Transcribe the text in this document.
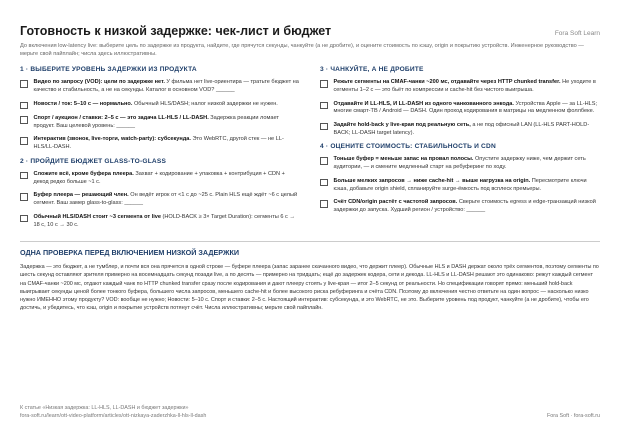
Готовность к низкой задержке: чек-лист и бюджет	Fora Soft Learn
До включения low-latency live: выберите цель по задержке из продукта, найдите, где прячутся секунды, чанкуйте (а не дробите), и оцените стоимость по кэшу, origin и покрытию устройств. Инженерное руководство — мерьте свой пайплайн; числа здесь иллюстративны.
1 · ВЫБЕРИТЕ УРОВЕНЬ ЗАДЕРЖКИ ИЗ ПРОДУКТА
Видео по запросу (VOD): цели по задержке нет. У фильма нет live-ориентира — тратьте бюджет на качество и стабильность, а не на секунды. Каталог в основном VOD? ______
Новости / ток: 5–10 с — нормально. Обычный HLS/DASH; налог низкой задержки не нужен.
Спорт / аукцион / ставки: 2–5 с — это задача LL-HLS / LL-DASH. Задержка реакции ломает продукт. Ваш целевой уровень: ______
Интерактив (звонок, live-торги, watch-party): субсекунда. Это WebRTC, другой стек — не LL-HLS/LL-DASH.
2 · ПРОЙДИТЕ БЮДЖЕТ GLASS-TO-GLASS
Сложите всё, кроме буфера плеера. Захват + кодирование + упаковка + контрибуция + CDN + декод редко больше ~1 с.
Буфер плеера — решающий член. Он ведёт игрок от <1 с до ~25 с. Plain HLS ещё ждёт ~6 с целый сегмент. Ваш замер glass-to-glass: ______
Обычный HLS/DASH стоит ~3 сегмента от live (HOLD-BACK ≥ 3× Target Duration): сегменты 6 с → 18 с, 10 с → 30 с.
3 · ЧАНКУЙТЕ, А НЕ ДРОБИТЕ
Режьте сегменты на CMAF-чанки ~200 мс, отдавайте через HTTP chunked transfer. Не уходите в сегменты 1–2 с — это бьёт по компрессии и cache-hit без чистого выигрыша.
Отдавайте И LL-HLS, И LL-DASH из одного чанкованного энкода. Устройства Apple — за LL-HLS; многие смарт-ТВ / Android — DASH. Один проход кодирования в матрицы на медленном фоллбеке.
Задайте hold-back у live-края под реальную сеть, а не под офисный LAN (LL-HLS PART-HOLD-BACK; LL-DASH target latency).
4 · ОЦЕНИТЕ СТОИМОСТЬ: СТАБИЛЬНОСТЬ И CDN
Тоньше буфер = меньше запас на провал полосы. Опустите задержку ниже, чем держит сеть аудитории, — и смените медленный старт на ребуферинг по ходу.
Больше мелких запросов → ниже cache-hit → выше нагрузка на origin. Пересмотрите ключи кэша, добавьте origin shield, спланируйте surge-ёмкость под всплеск премьеры.
Счёт CDN/origin растёт с частотой запросов. Сверьте стоимость egress и edge-транзакций низкой задержки до запуска. Худший регион / устройство: ______
ОДНА ПРОВЕРКА ПЕРЕД ВКЛЮЧЕНИЕМ НИЗКОЙ ЗАДЕРЖКИ
Задержка — это бюджет, а не тумблер, и почти вся она прячется в одной строке — буфере плеера (запас заранее скачанного видео, что держит плеер). Обычные HLS и DASH держат около трёх сегментов, поэтому сегменты по шесть секунд оставляют зрителя примерно на восемнадцать секунд позади live, а по десять — примерно на тридцать; ещё до задержек кодера, сети и декода. LL-HLS и LL-DASH решают это одинаково: режут каждый сегмент на CMAF-чанки ~200 мс, отдают каждый чанк по HTTP chunked transfer сразу после кодирования и дают плееру стоять у live-края — итог 2–5 секунд от реальности. Но спецификации говорят прямо: меньший hold-back выигрывает секунды ценой более тонкого буфера, большего числа запросов, меньшего cache-hit и более высокого риска ребуферинга и счёта CDN. Поэтому до включения честно ответьте на один вопрос — насколько низко нужно ИМЕННО этому продукту? VOD: вообще не нужно; Новости: 5–10 с. Спорт и ставки: 2–5 с. Настоящий интерактив: субсекунда, и это WebRTC, не это. Выберите уровень под продукт, чанкуйте (а не дробите), чтобы его достичь, и убедитесь, что кэш, origin и покрытие устройств потянут счёт. Числа иллюстративны; мерьте свой пайплайн.
К статье «Низкая задержка: LL-HLS, LL-DASH и бюджет задержки»
fora-soft.ru/learn/ott-video-platform/articles/ott-nizkaya-zaderzhka-ll-hls-ll-dash	Fora Soft · fora-soft.ru
